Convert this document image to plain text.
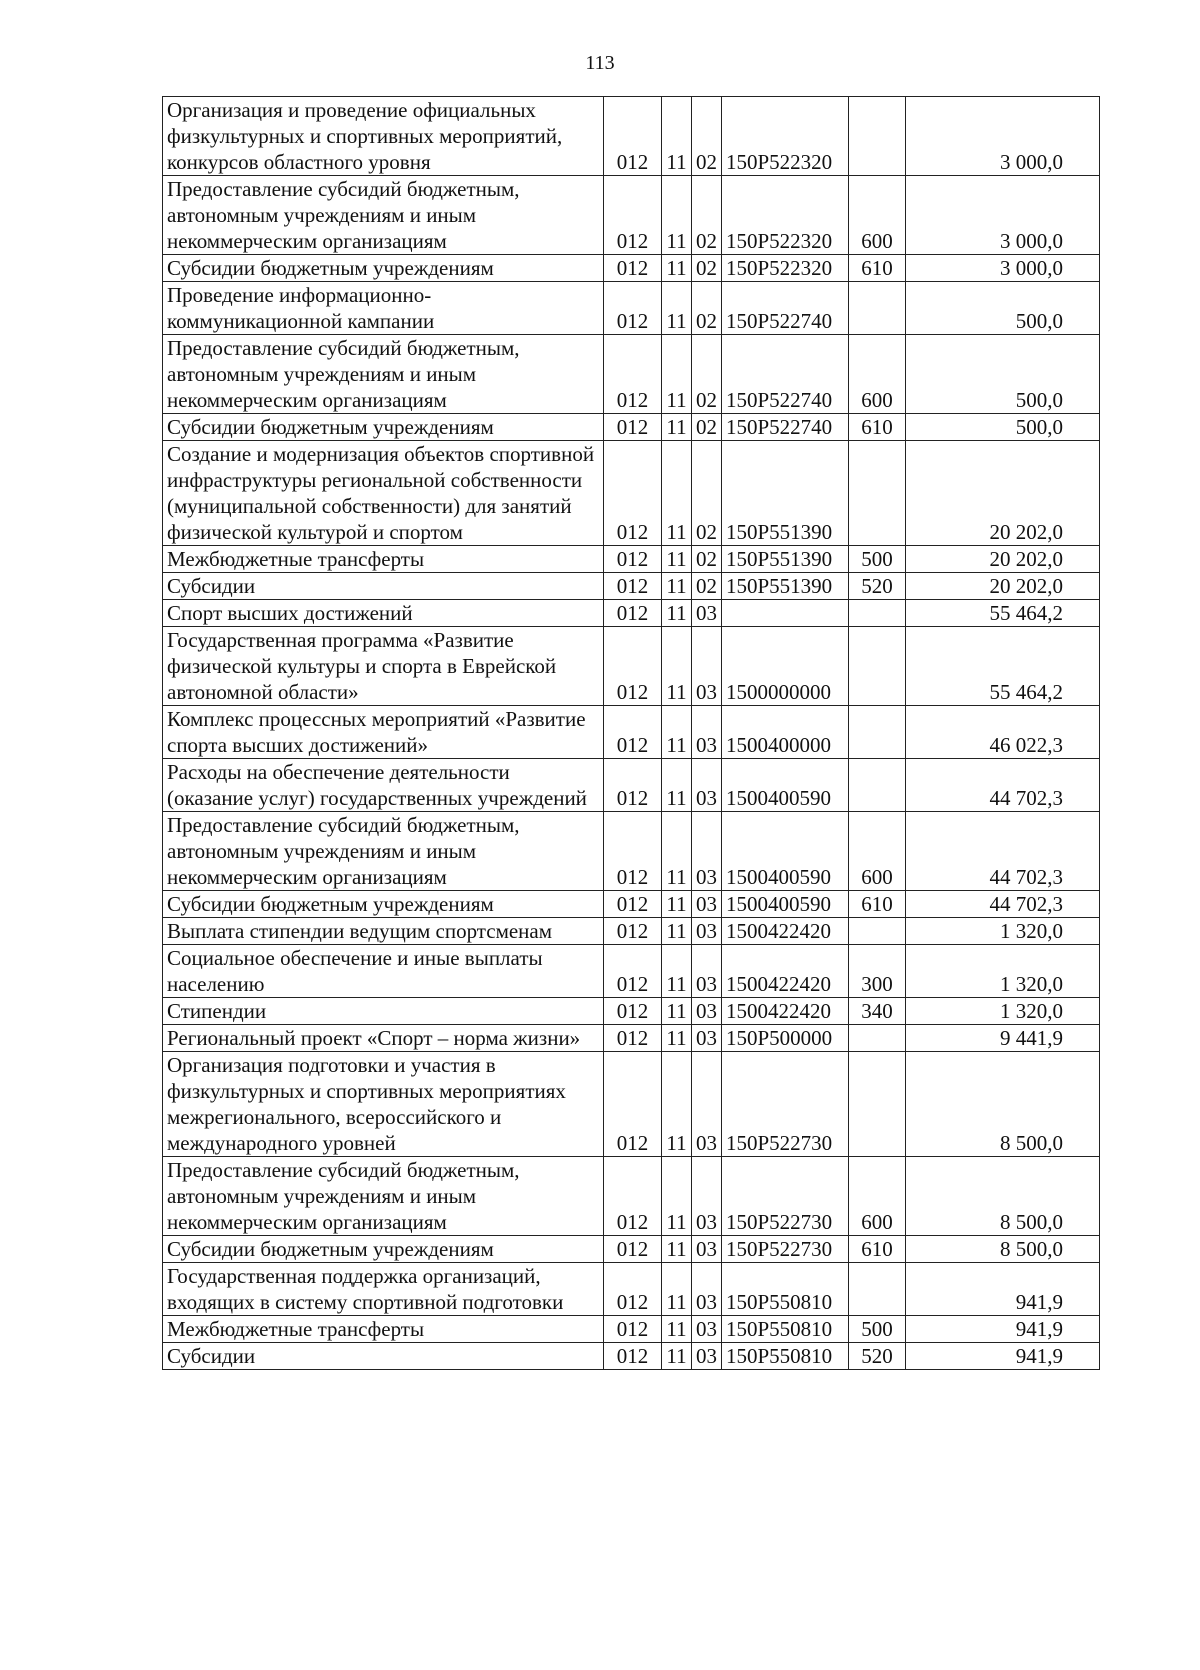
113
Организация и проведение официальных физкультурных и спортивных мероприятий, конкурсов областного уровня	012	11	02	150P522320		3 000,0
Предоставление субсидий бюджетным, автономным учреждениям и иным некоммерческим организациям	012	11	02	150P522320	600	3 000,0
Субсидии бюджетным учреждениям	012	11	02	150P522320	610	3 000,0
Проведение информационно-коммуникационной кампании	012	11	02	150P522740		500,0
Предоставление субсидий бюджетным, автономным учреждениям и иным некоммерческим организациям	012	11	02	150P522740	600	500,0
Субсидии бюджетным учреждениям	012	11	02	150P522740	610	500,0
Создание и модернизация объектов спортивной инфраструктуры региональной собственности (муниципальной собственности) для занятий физической культурой и спортом	012	11	02	150P551390		20 202,0
Межбюджетные трансферты	012	11	02	150P551390	500	20 202,0
Субсидии	012	11	02	150P551390	520	20 202,0
Спорт высших достижений	012	11	03			55 464,2
Государственная программа «Развитие физической культуры и спорта в Еврейской автономной области»	012	11	03	1500000000		55 464,2
Комплекс процессных мероприятий «Развитие спорта высших достижений»	012	11	03	1500400000		46 022,3
Расходы на обеспечение деятельности (оказание услуг) государственных учреждений	012	11	03	1500400590		44 702,3
Предоставление субсидий бюджетным, автономным учреждениям и иным некоммерческим организациям	012	11	03	1500400590	600	44 702,3
Субсидии бюджетным учреждениям	012	11	03	1500400590	610	44 702,3
Выплата стипендии ведущим спортсменам	012	11	03	1500422420		1 320,0
Социальное обеспечение и иные выплаты населению	012	11	03	1500422420	300	1 320,0
Стипендии	012	11	03	1500422420	340	1 320,0
Региональный проект «Спорт – норма жизни»	012	11	03	150P500000		9 441,9
Организация подготовки и участия в физкультурных и спортивных мероприятиях межрегионального, всероссийского и международного уровней	012	11	03	150P522730		8 500,0
Предоставление субсидий бюджетным, автономным учреждениям и иным некоммерческим организациям	012	11	03	150P522730	600	8 500,0
Субсидии бюджетным учреждениям	012	11	03	150P522730	610	8 500,0
Государственная поддержка организаций, входящих в систему спортивной подготовки	012	11	03	150P550810		941,9
Межбюджетные трансферты	012	11	03	150P550810	500	941,9
Субсидии	012	11	03	150P550810	520	941,9
